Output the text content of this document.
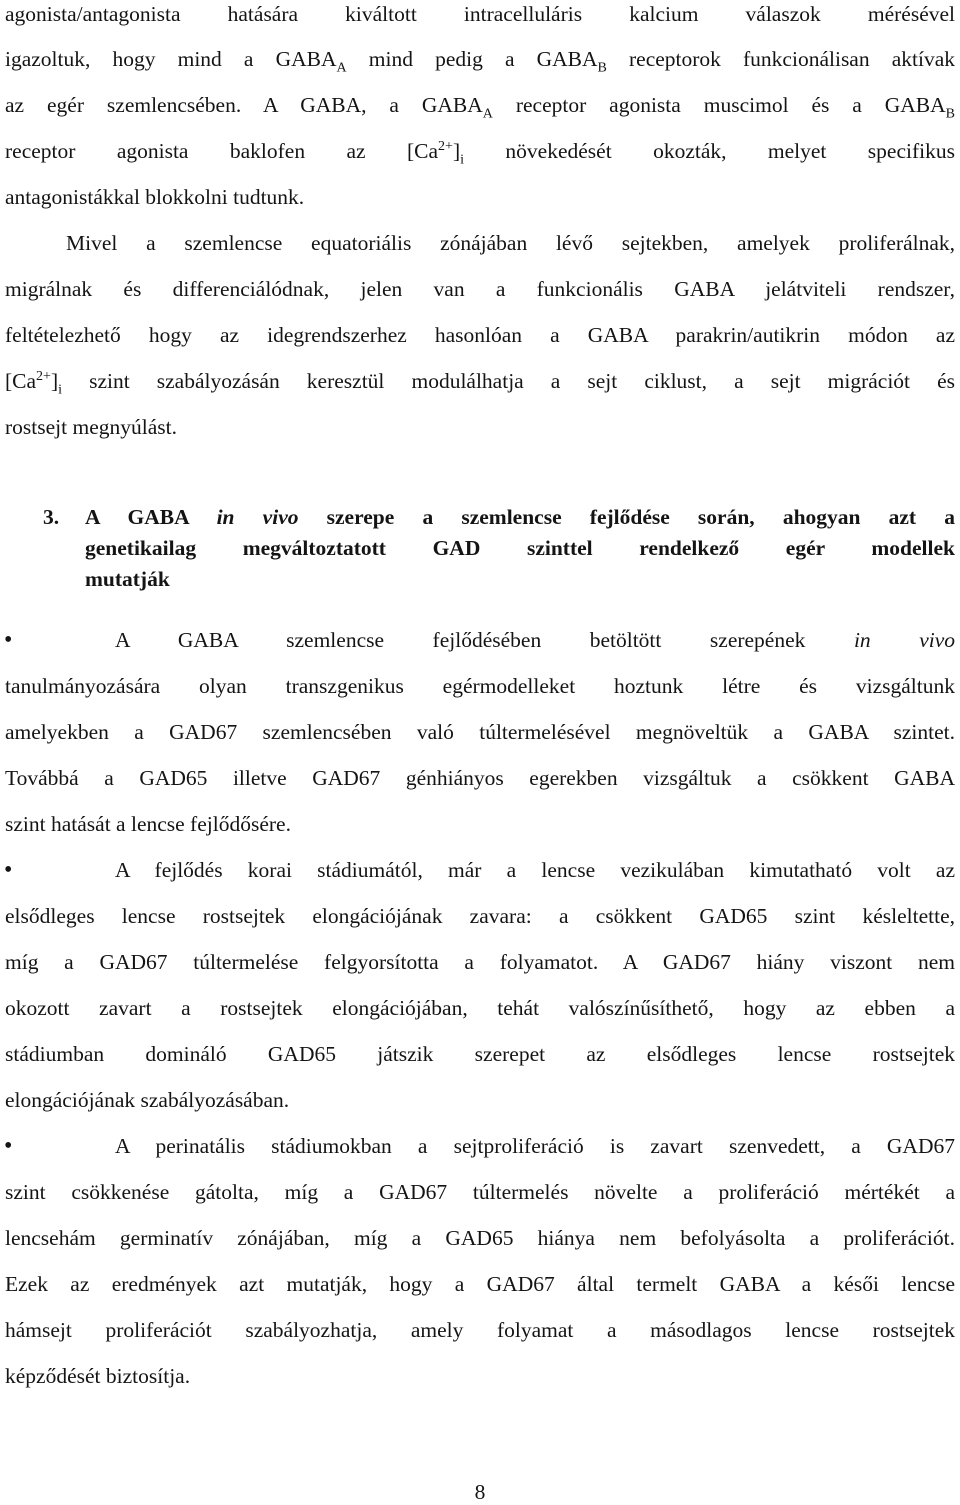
agonista/antagonista hatására kiváltott intracelluláris kalcium válaszok mérésével
igazoltuk, hogy mind a $GABA_A$ mind pedig a $GABA_B$ receptorok funkcionálisan aktívak
az egér szemlencsében. A GABA, a $GABA_A$ receptor agonista muscimol és a $GABA_B$
receptor agonista baklofen az $[Ca^{2+}]_i$ növekedését okozták, melyet specifikus
antagonistákkal blokkolni tudtunk.
Mivel a szemlencse equatoriális zónájában lévő sejtekben, amelyek proliferálnak,
migrálnak és differenciálódnak, jelen van a funkcionális GABA jelátviteli rendszer,
feltételezhető hogy az idegrendszerhez hasonlóan a GABA parakrin/autikrin módon az
$[Ca^{2+}]_i$ szint szabályozásán keresztül modulálhatja a sejt ciklust, a sejt migrációt és
rostsejt megnyúlást.
3. A GABA in vivo szerepe a szemlencse fejlődése során, ahogyan azt a
genetikailag megváltoztatott GAD szinttel rendelkező egér modellek
mutatják
•	A GABA szemlencse fejlődésében betöltött szerepének in vivo
tanulmányozására olyan transzgenikus egérmodelleket hoztunk létre és vizsgáltunk
amelyekben a GAD67 szemlencsében való túltermelésével megnöveltük a GABA szintet.
Továbbá a GAD65 illetve GAD67 génhiányos egerekben vizsgáltuk a csökkent GABA
szint hatását a lencse fejlődősére.
•	A fejlődés korai stádiumától, már a lencse vezikulában kimutatható volt az
elsődleges lencse rostsejtek elongációjának zavara: a csökkent GAD65 szint késleltette,
míg a GAD67 túltermelése felgyorsította a folyamatot. A GAD67 hiány viszont nem
okozott zavart a rostsejtek elongációjában, tehát valószínűsíthető, hogy az ebben a
stádiumban domináló GAD65 játszik szerepet az elsődleges lencse rostsejtek
elongációjának szabályozásában.
•	A perinatális stádiumokban a sejtproliferáció is zavart szenvedett, a GAD67
szint csökkenése gátolta, míg a GAD67 túltermelés növelte a proliferáció mértékét a
lencsehám germinatív zónájában, míg a GAD65 hiánya nem befolyásolta a proliferációt.
Ezek az eredmények azt mutatják, hogy a GAD67 által termelt GABA a késői lencse
hámsejt proliferációt szabályozhatja, amely folyamat a másodlagos lencse rostsejtek
képződését biztosítja.
8
